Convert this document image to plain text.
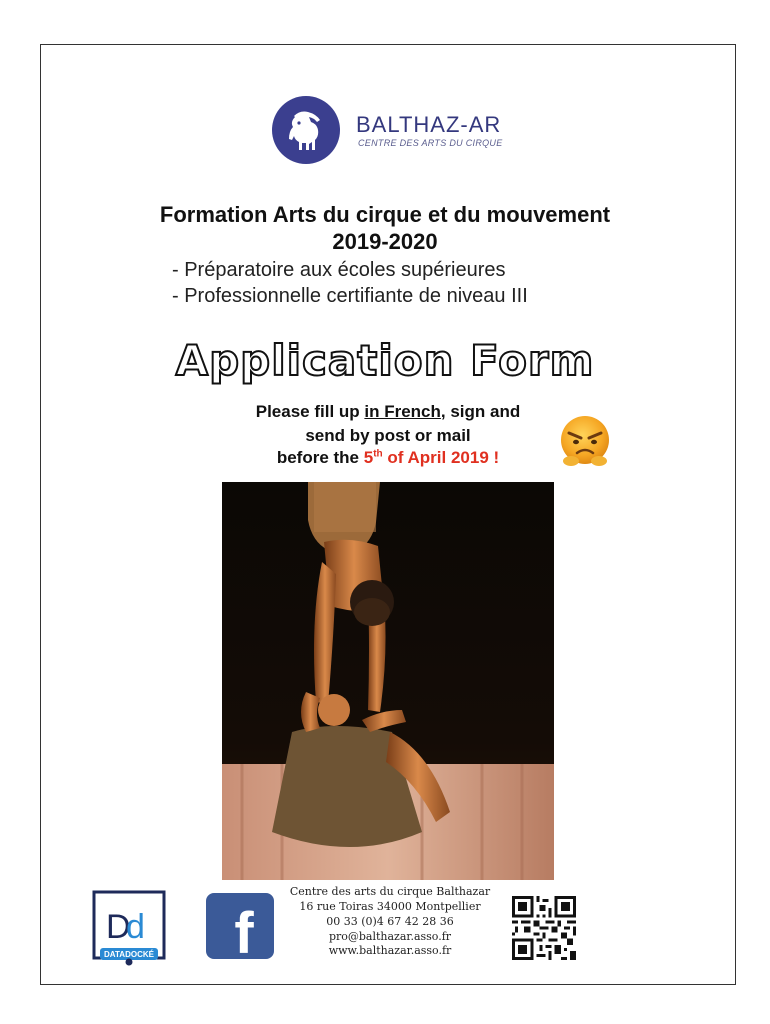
BALTHAZ-AR
CENTRE DES ARTS DU CIRQUE
Formation Arts du cirque et du mouvement
2019-2020
- Préparatoire aux écoles supérieures
- Professionnelle certifiante de niveau III
Application Form
Please fill up in French, sign and
send by post or mail
before the 5th of April 2019 !
D
d
DATADOCKÉ f
Centre des arts du cirque Balthazar
16 rue Toiras 34000 Montpellier
00 33 (0)4 67 42 28 36
pro@balthazar.asso.fr
www.balthazar.asso.fr
